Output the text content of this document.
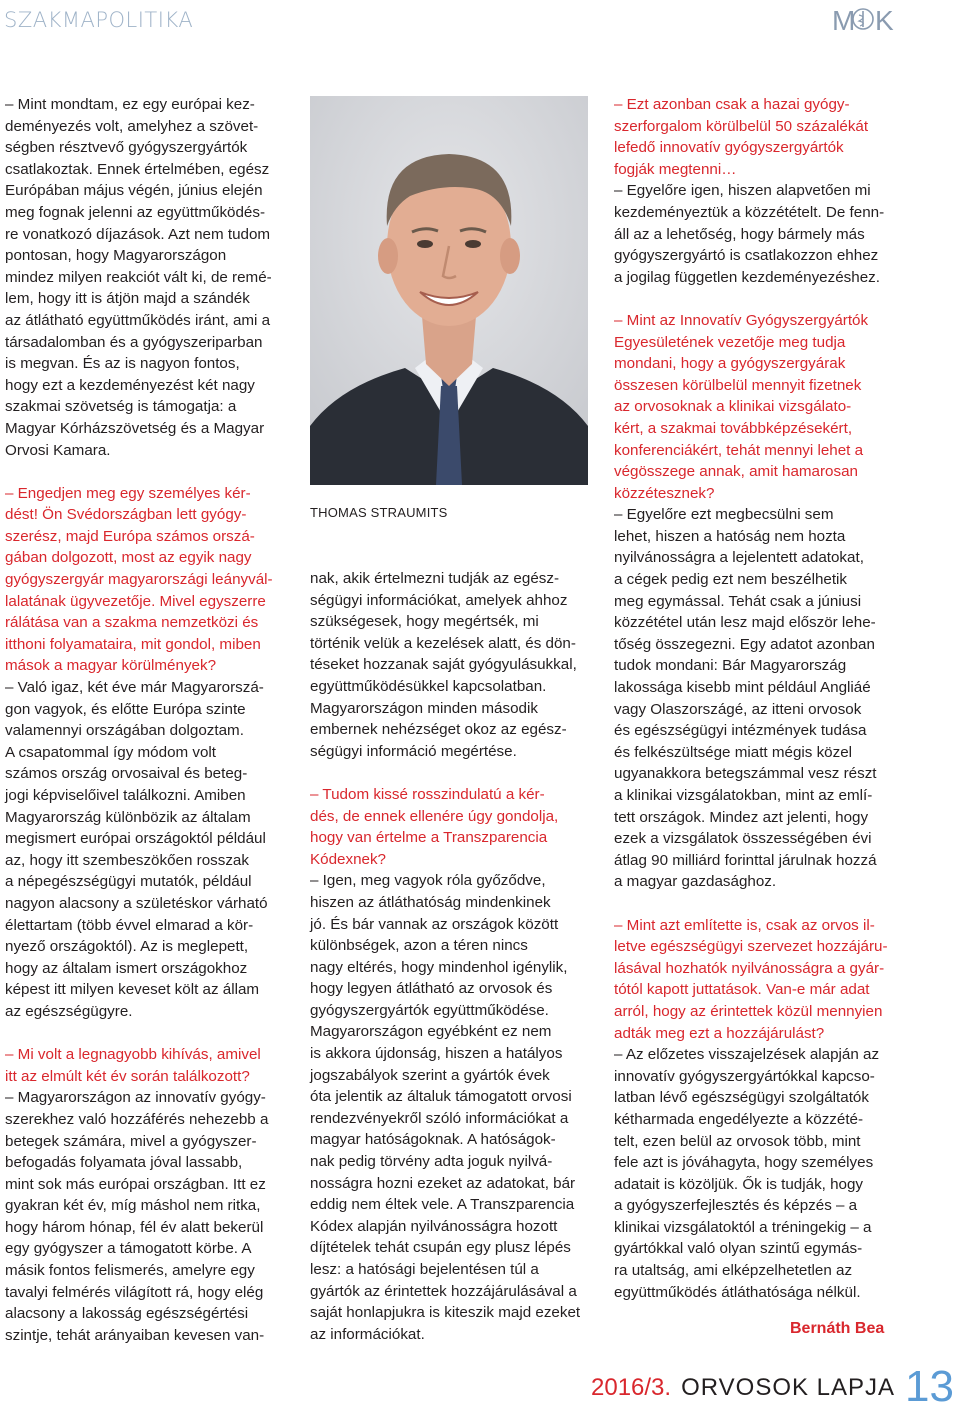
SZAKMAPOLITIKA	M K

– Mint mondtam, ez egy európai kez-
deményezés volt, amelyhez a szövet-
ségben résztvevő gyógyszergyártók
csatlakoztak. Ennek értelmében, egész
Európában május végén, június elején
meg fognak jelenni az együttműködés-
re vonatkozó díjazások. Azt nem tudom
pontosan, hogy Magyarországon
mindez milyen reakciót vált ki, de remé-
lem, hogy itt is átjön majd a szándék
az átlátható együttműködés iránt, ami a
társadalomban és a gyógyszeriparban
is megvan. És az is nagyon fontos,
hogy ezt a kezdeményezést két nagy
szakmai szövetség is támogatja: a
Magyar Kórházszövetség és a Magyar
Orvosi Kamara.

– Engedjen meg egy személyes kér-
dést! Ön Svédországban lett gyógy-
szerész, majd Európa számos orszá-
gában dolgozott, most az egyik nagy
gyógyszergyár magyarországi leányvál-
lalatának ügyvezetője. Mivel egyszerre
rálátása van a szakma nemzetközi és
itthoni folyamataira, mit gondol, miben
mások a magyar körülmények?

– Való igaz, két éve már Magyarorszá-
gon vagyok, és előtte Európa szinte
valamennyi országában dolgoztam.
A csapatommal így módom volt
számos ország orvosaival és beteg-
jogi képviselőivel találkozni. Amiben
Magyarország különbözik az általam
megismert európai országoktól például
az, hogy itt szembeszökően rosszak
a népegészségügyi mutatók, például
nagyon alacsony a születéskor várható
élettartam (több évvel elmarad a kör-
nyező országoktól). Az is meglepett,
hogy az általam ismert országokhoz
képest itt milyen keveset költ az állam
az egészségügyre.

– Mi volt a legnagyobb kihívás, amivel
itt az elmúlt két év során találkozott?

– Magyarországon az innovatív gyógy-
szerekhez való hozzáférés nehezebb a
betegek számára, mivel a gyógyszer-
befogadás folyamata jóval lassabb,
mint sok más európai országban. Itt ez
gyakran két év, míg máshol nem ritka,
hogy három hónap, fél év alatt bekerül
egy gyógyszer a támogatott körbe. A
másik fontos felismerés, amelyre egy
tavalyi felmérés világított rá, hogy elég
alacsony a lakosság egészségértési
szintje, tehát arányaiban kevesen van-

THOMAS STRAUMITS

nak, akik értelmezni tudják az egész-
ségügyi információkat, amelyek ahhoz
szükségesek, hogy megértsék, mi
történik velük a kezelések alatt, és dön-
téseket hozzanak saját gyógyulásukkal,
együttműködésükkel kapcsolatban.
Magyarországon minden második
embernek nehézséget okoz az egész-
ségügyi információ megértése.

– Tudom kissé rosszindulatú a kér-
dés, de ennek ellenére úgy gondolja,
hogy van értelme a Transzparencia
Kódexnek?

– Igen, meg vagyok róla győződve,
hiszen az átláthatóság mindenkinek
jó. És bár vannak az országok között
különbségek, azon a téren nincs
nagy eltérés, hogy mindenhol igénylik,
hogy legyen átlátható az orvosok és
gyógyszergyártók együttműködése.
Magyarországon egyébként ez nem
is akkora újdonság, hiszen a hatályos
jogszabályok szerint a gyártók évek
óta jelentik az általuk támogatott orvosi
rendezvényekről szóló információkat a
magyar hatóságoknak. A hatóságok-
nak pedig törvény adta joguk nyilvá-
nosságra hozni ezeket az adatokat, bár
eddig nem éltek vele. A Transzparencia
Kódex alapján nyilvánosságra hozott
díjtételek tehát csupán egy plusz lépés
lesz: a hatósági bejelentésen túl a
gyártók az érintettek hozzájárulásával a
saját honlapjukra is kiteszik majd ezeket
az információkat.

– Ezt azonban csak a hazai gyógy-
szerforgalom körülbelül 50 százalékát
lefedő innovatív gyógyszergyártók
fogják megtenni…

– Egyelőre igen, hiszen alapvetően mi
kezdeményeztük a közzétételt. De fenn-
áll az a lehetőség, hogy bármely más
gyógyszergyártó is csatlakozzon ehhez
a jogilag független kezdeményezéshez.

– Mint az Innovatív Gyógyszergyártók
Egyesületének vezetője meg tudja
mondani, hogy a gyógyszergyárak
összesen körülbelül mennyit fizetnek
az orvosoknak a klinikai vizsgálato-
kért, a szakmai továbbképzésekért,
konferenciákért, tehát mennyi lehet a
végösszege annak, amit hamarosan
közzétesznek?

– Egyelőre ezt megbecsülni sem
lehet, hiszen a hatóság nem hozta
nyilvánosságra a lejelentett adatokat,
a cégek pedig ezt nem beszélhetik
meg egymással. Tehát csak a júniusi
közzététel után lesz majd először lehe-
tőség összegezni. Egy adatot azonban
tudok mondani: Bár Magyarország
lakossága kisebb mint például Angliáé
vagy Olaszországé, az itteni orvosok
és egészségügyi intézmények tudása
és felkészültsége miatt mégis közel
ugyanakkora betegszámmal vesz részt
a klinikai vizsgálatokban, mint az emlí-
tett országok. Mindez azt jelenti, hogy
ezek a vizsgálatok összességében évi
átlag 90 milliárd forinttal járulnak hozzá
a magyar gazdasághoz.

– Mint azt említette is, csak az orvos il-
letve egészségügyi szervezet hozzájáru-
lásával hozhatók nyilvánosságra a gyár-
tótól kapott juttatások. Van-e már adat
arról, hogy az érintettek közül mennyien
adták meg ezt a hozzájárulást?

– Az előzetes visszajelzések alapján az
innovatív gyógyszergyártókkal kapcso-
latban lévő egészségügyi szolgáltatók
kétharmada engedélyezte a közzété-
telt, ezen belül az orvosok több, mint
fele azt is jóváhagyta, hogy személyes
adatait is közöljük. Ők is tudják, hogy
a gyógyszerfejlesztés és képzés – a
klinikai vizsgálatoktól a tréningekig – a
gyártókkal való olyan szintű egymás-
ra utaltság, ami elképzelhetetlen az
együttműködés átláthatósága nélkül.

Bernáth Bea
2016/3. ORVOSOK LAPJA 13
